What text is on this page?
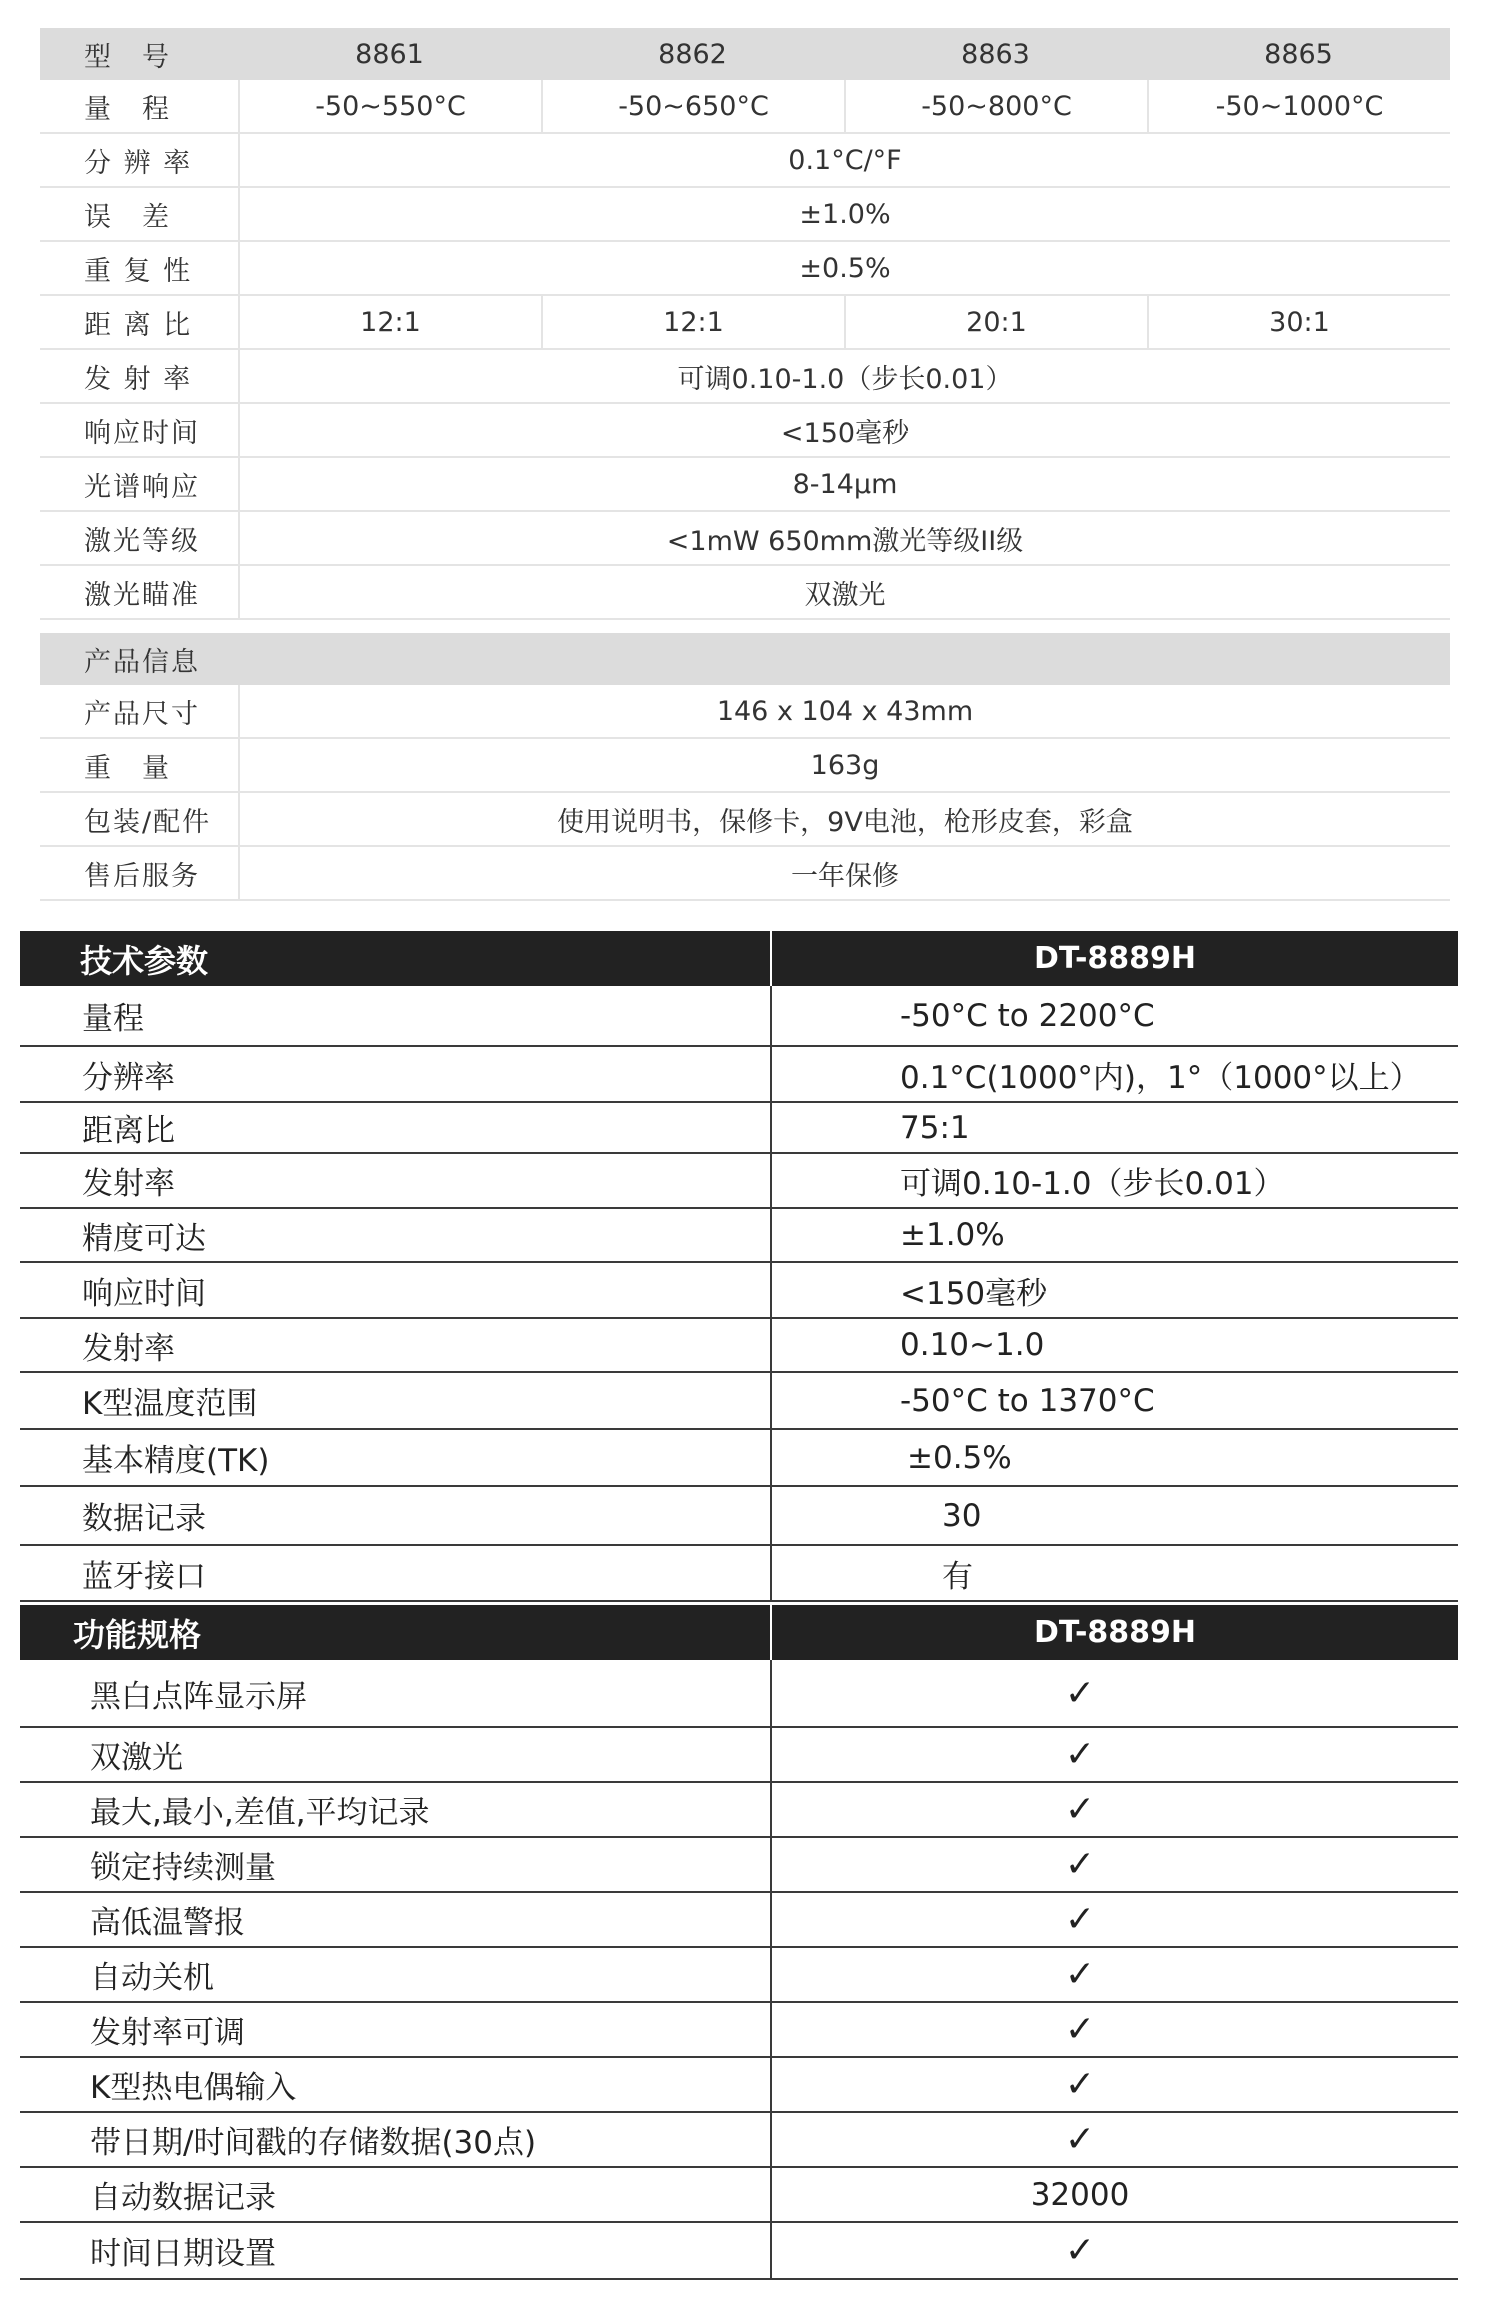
型　号	8861	8862	8863	8865
量　程	-50~550°C	-50~650°C	-50~800°C	-50~1000°C
分 辨 率	0.1°C/°F
误　差	±1.0%
重 复 性	±0.5%
距 离 比	12:1	12:1	20:1	30:1
发 射 率	可调0.10-1.0（步长0.01）
响应时间	<150毫秒
光谱响应	8-14μm
激光等级	<1mW 650mm激光等级II级
激光瞄准	双激光
产品信息
产品尺寸	146 x 104 x 43mm
重　量	163g
包装/配件	使用说明书，保修卡，9V电池，枪形皮套，彩盒
售后服务	一年保修
技术参数	DT-8889H
量程	-50°C to 2200°C
分辨率	0.1°C(1000°内)，1°（1000°以上）
距离比	75:1
发射率	可调0.10-1.0（步长0.01）
精度可达	±1.0%
响应时间	<150毫秒
发射率	0.10~1.0
K型温度范围	-50°C to 1370°C
基本精度(TK)	±0.5%
数据记录	30
蓝牙接口	有
功能规格	DT-8889H
黑白点阵显示屏	✓
双激光	✓
最大,最小,差值,平均记录	✓
锁定持续测量	✓
高低温警报	✓
自动关机	✓
发射率可调	✓
K型热电偶输入	✓
带日期/时间戳的存储数据(30点)	✓
自动数据记录	32000
时间日期设置	✓
